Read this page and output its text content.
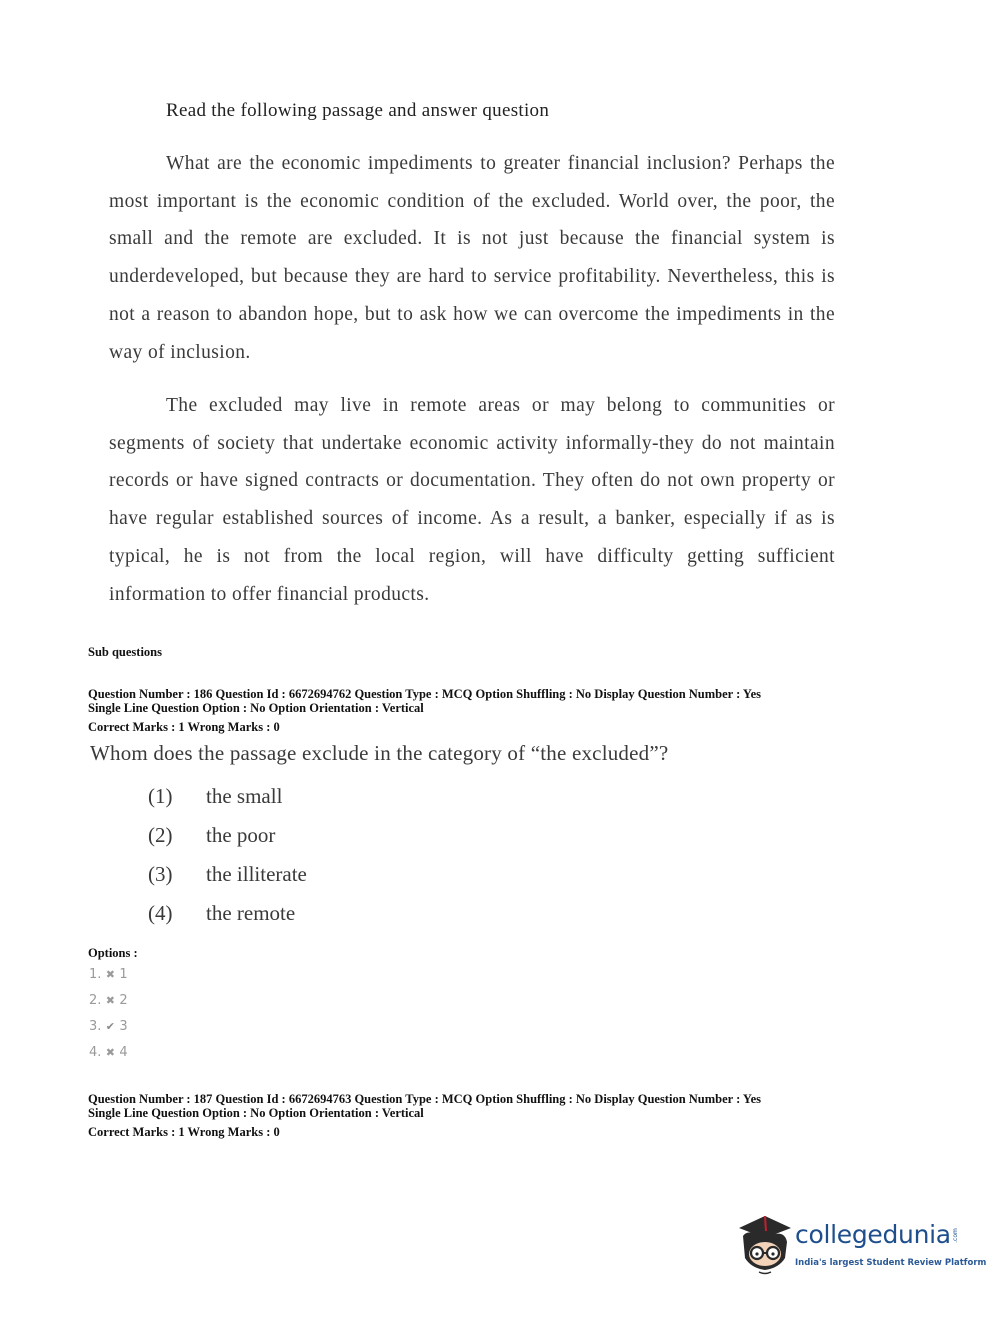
Read the following passage and answer question

What are the economic impediments to greater financial inclusion? Perhaps the most important is the economic condition of the excluded. World over, the poor, the small and the remote are excluded. It is not just because the financial system is underdeveloped, but because they are hard to service profitability. Nevertheless, this is not a reason to abandon hope, but to ask how we can overcome the impediments in the way of inclusion.

The excluded may live in remote areas or may belong to communities or segments of society that undertake economic activity informally-they do not maintain records or have signed contracts or documentation. They often do not own property or have regular established sources of income. As a result, a banker, especially if as is typical, he is not from the local region, will have difficulty getting sufficient information to offer financial products.

Sub questions
Question Number : 186 Question Id : 6672694762 Question Type : MCQ Option Shuffling : No Display Question Number : Yes
Single Line Question Option : No Option Orientation : Vertical
Correct Marks : 1 Wrong Marks : 0
Whom does the passage exclude in the category of “the excluded”?
(1) the small
(2) the poor
(3) the illiterate
(4) the remote
Options :
1. ✖ 1
2. ✖ 2
3. ✔ 3
4. ✖ 4
Question Number : 187 Question Id : 6672694763 Question Type : MCQ Option Shuffling : No Display Question Number : Yes
Single Line Question Option : No Option Orientation : Vertical
Correct Marks : 1 Wrong Marks : 0
collegedunia .com
India's largest Student Review Platform
